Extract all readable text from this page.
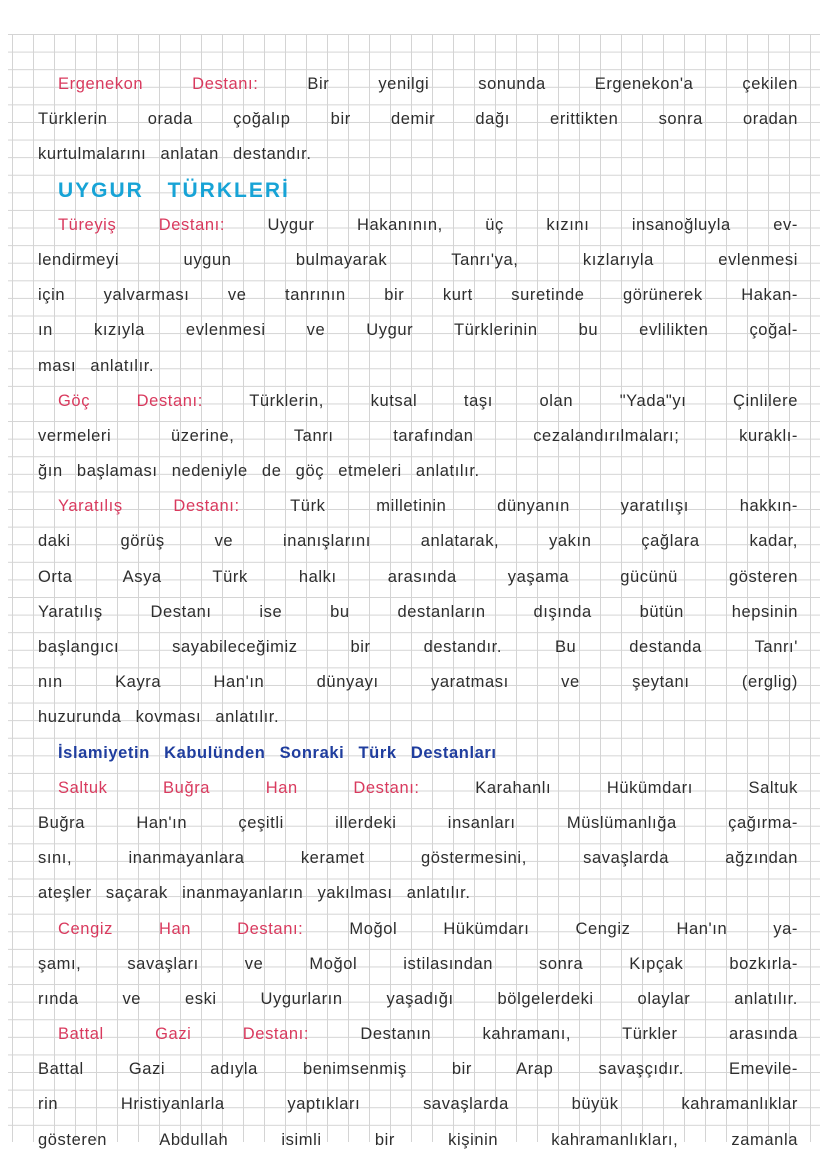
Ergenekon Destanı: Bir yenilgi sonunda Ergenekon'a çekilen
Türklerin orada çoğalıp bir demir dağı erittikten sonra oradan
kurtulmalarını anlatan destandır.
UYGUR TÜRKLERİ
Türeyiş Destanı: Uygur Hakanının, üç kızını insanoğluyla ev-
lendirmeyi uygun bulmayarak Tanrı'ya, kızlarıyla evlenmesi
için yalvarması ve tanrının bir kurt suretinde görünerek Hakan-
ın kızıyla evlenmesi ve Uygur Türklerinin bu evlilikten çoğal-
ması anlatılır.
Göç Destanı: Türklerin, kutsal taşı olan "Yada"yı Çinlilere
vermeleri üzerine, Tanrı tarafından cezalandırılmaları; kuraklı-
ğın başlaması nedeniyle de göç etmeleri anlatılır.
Yaratılış Destanı: Türk milletinin dünyanın yaratılışı hakkın-
daki görüş ve inanışlarını anlatarak, yakın çağlara kadar,
Orta Asya Türk halkı arasında yaşama gücünü gösteren
Yaratılış Destanı ise bu destanların dışında bütün hepsinin
başlangıcı sayabileceğimiz bir destandır. Bu destanda Tanrı'
nın Kayra Han'ın dünyayı yaratması ve şeytanı (erglig)
huzurunda kovması anlatılır.
İslamiyetin Kabulünden Sonraki Türk Destanları
Saltuk Buğra Han Destanı: Karahanlı Hükümdarı Saltuk
Buğra Han'ın çeşitli illerdeki insanları Müslümanlığa çağırma-
sını, inanmayanlara keramet göstermesini, savaşlarda ağzından
ateşler saçarak inanmayanların yakılması anlatılır.
Cengiz Han Destanı: Moğol Hükümdarı Cengiz Han'ın ya-
şamı, savaşları ve Moğol istilasından sonra Kıpçak bozkırla-
rında ve eski Uygurların yaşadığı bölgelerdeki olaylar anlatılır.
Battal Gazi Destanı: Destanın kahramanı, Türkler arasında
Battal Gazi adıyla benimsenmiş bir Arap savaşçıdır. Emevile-
rin Hristiyanlarla yaptıkları savaşlarda büyük kahramanlıklar
gösteren Abdullah isimli bir kişinin kahramanlıkları, zamanla
